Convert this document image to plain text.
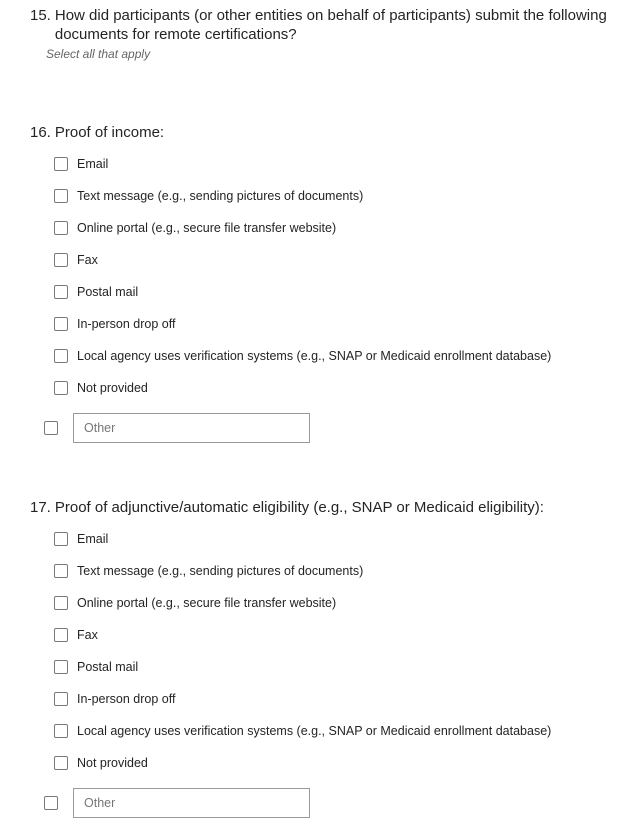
15. How did participants (or other entities on behalf of participants) submit the following documents for remote certifications?
Select all that apply
16. Proof of income:
Email
Text message (e.g., sending pictures of documents)
Online portal (e.g., secure file transfer website)
Fax
Postal mail
In-person drop off
Local agency uses verification systems (e.g., SNAP or Medicaid enrollment database)
Not provided
Other
17. Proof of adjunctive/automatic eligibility (e.g., SNAP or Medicaid eligibility):
Email
Text message (e.g., sending pictures of documents)
Online portal (e.g., secure file transfer website)
Fax
Postal mail
In-person drop off
Local agency uses verification systems (e.g., SNAP or Medicaid enrollment database)
Not provided
Other
